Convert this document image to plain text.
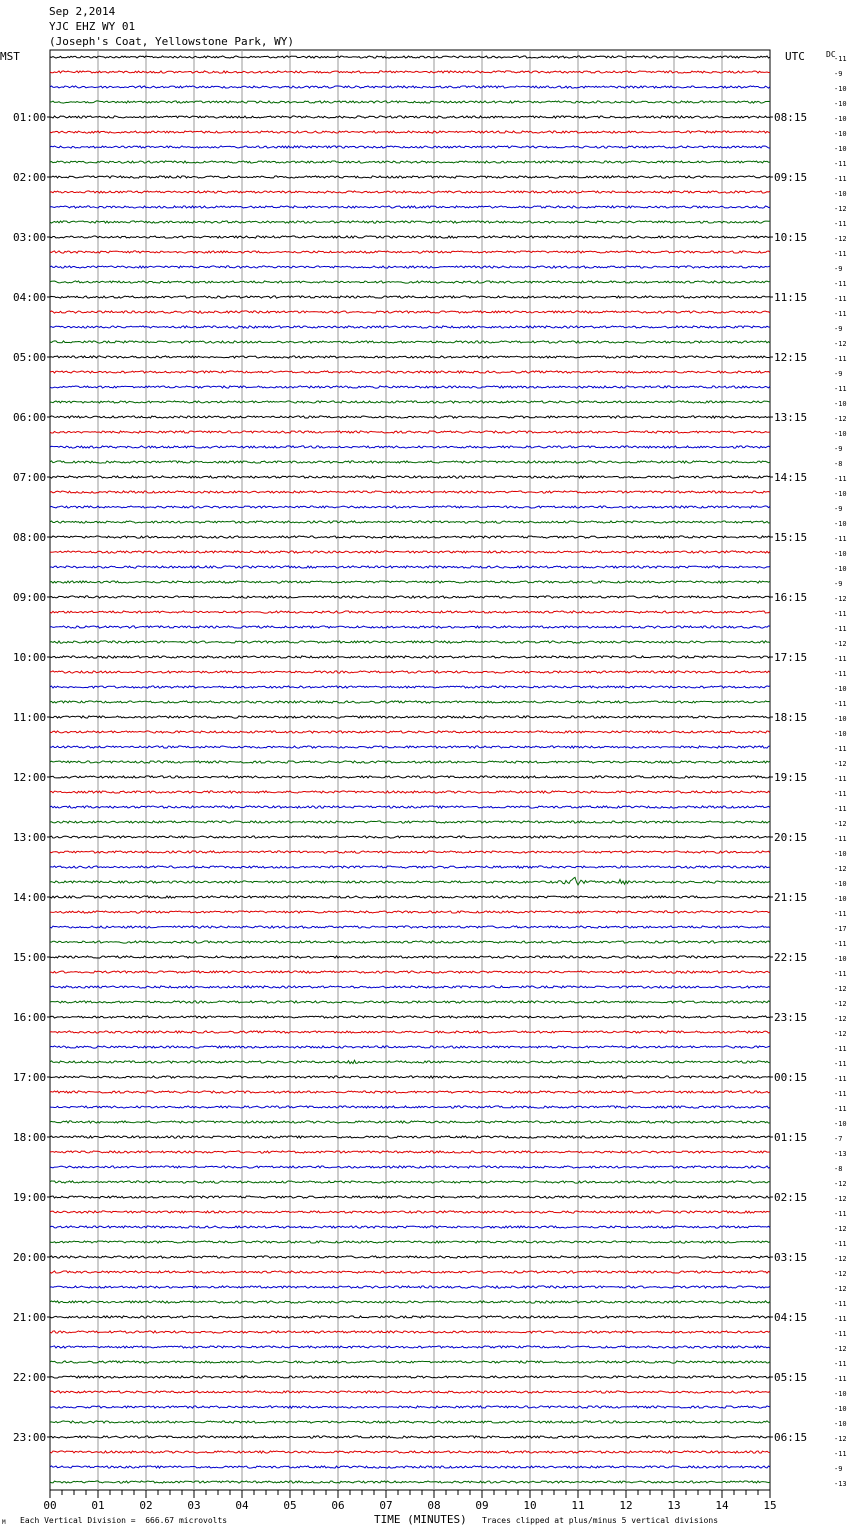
Sep 2,2014
YJC EHZ WY 01
(Joseph's Coat, Yellowstone Park, WY)
MST	UTC	DC
-11
-9
-10
-10
-10
-10
-10
-11
-11
-10
-12
-11
-12
-11
-9
-11
-11
-11
-9
-12
-11
-9
-11
-10
-12
-10
-9
-8
-11
-10
-9
-10
-11
-10
-10
-9
-12
-11
-11
-12
-11
-11
-10
-11
-10
-10
-11
-12
-11
-11
-11
-12
-11
-10
-12
-10
-10
-11
-17
-11
-10
-11
-12
-12
-12
-12
-11
-11
-11
-11
-11
-10
-7
-13
-8
-12
-12
-11
-12
-11
-12
-12
-12
-11
-11
-11
-12
-11
-11
-10
-10
-10
-12
-11
-9
-13
01:00
02:00
03:00
04:00
05:00
06:00
07:00
08:00
09:00
10:00
11:00
12:00
13:00
14:00
15:00
16:00
17:00
18:00
19:00
20:00
21:00
22:00
23:00
08:15
09:15
10:15
11:15
12:15
13:15
14:15
15:15
16:15
17:15
18:15
19:15
20:15
21:15
22:15
23:15
00:15
01:15
02:15
03:15
04:15
05:15
06:15
00	01	02	03	04	05	06	07	08	09	10	11	12	13	14	15
M Each Vertical Division =  666.67 microvolts	TIME (MINUTES) Traces clipped at plus/minus 5 vertical divisions
